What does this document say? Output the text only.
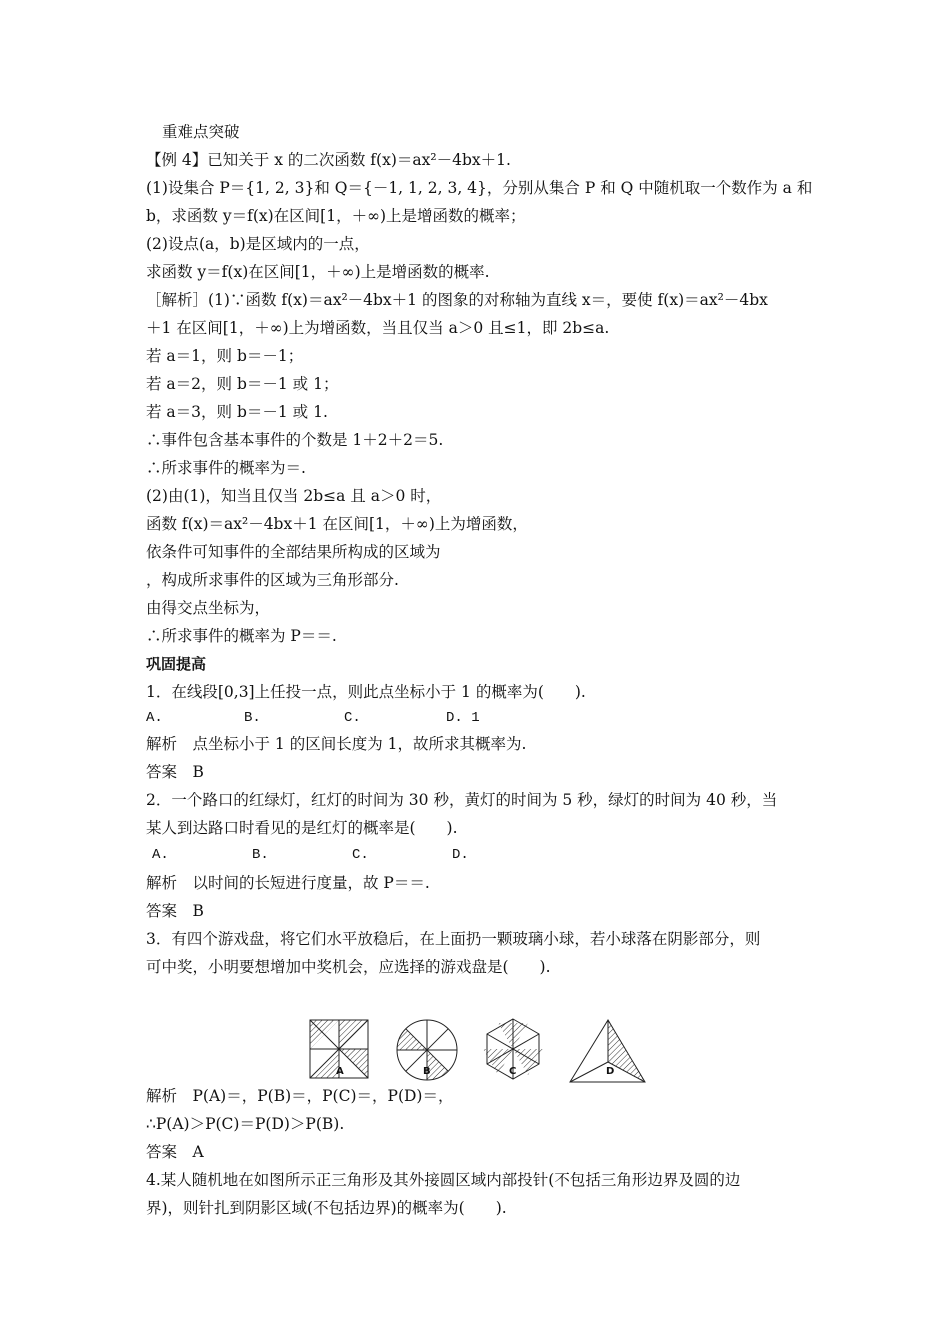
重难点突破
【例 4】已知关于 x 的二次函数 f(x)＝ax²－4bx＋1.
(1)设集合 P＝{1, 2, 3}和 Q＝{－1, 1, 2, 3, 4}，分别从集合 P 和 Q 中随机取一个数作为 a 和
b，求函数 y＝f(x)在区间[1，＋∞)上是增函数的概率；
(2)设点(a，b)是区域内的一点，
求函数 y＝f(x)在区间[1，＋∞)上是增函数的概率.
［解析］(1)∵函数 f(x)＝ax²－4bx＋1 的图象的对称轴为直线 x＝，要使 f(x)＝ax²－4bx
＋1 在区间[1，＋∞)上为增函数，当且仅当 a＞0 且≤1，即 2b≤a.
若 a＝1，则 b＝－1；
若 a＝2，则 b＝－1 或 1；
若 a＝3，则 b＝－1 或 1.
∴事件包含基本事件的个数是 1＋2＋2＝5.
∴所求事件的概率为＝.
(2)由(1)，知当且仅当 2b≤a 且 a＞0 时，
函数 f(x)＝ax²－4bx＋1 在区间[1，＋∞)上为增函数，
依条件可知事件的全部结果所构成的区域为
，构成所求事件的区域为三角形部分.
由得交点坐标为，
∴所求事件的概率为 P＝＝.
巩固提高
1．在线段[0,3]上任投一点，则此点坐标小于 1 的概率为(　　).
A.	B.	C.	D. 1
解析　点坐标小于 1 的区间长度为 1，故所求其概率为.
答案　B
2．一个路口的红绿灯，红灯的时间为 30 秒，黄灯的时间为 5 秒，绿灯的时间为 40 秒，当
某人到达路口时看见的是红灯的概率是(　　).
A.	B.	C.	D.
解析　以时间的长短进行度量，故 P＝＝.
答案　B
3．有四个游戏盘，将它们水平放稳后，在上面扔一颗玻璃小球，若小球落在阴影部分，则
可中奖，小明要想增加中奖机会，应选择的游戏盘是(　　).
A	B	C	D
解析　P(A)＝，P(B)＝，P(C)＝，P(D)＝，
∴P(A)＞P(C)＝P(D)＞P(B).
答案　A
4.某人随机地在如图所示正三角形及其外接圆区域内部投针(不包括三角形边界及圆的边
界)，则针扎到阴影区域(不包括边界)的概率为(　　).
